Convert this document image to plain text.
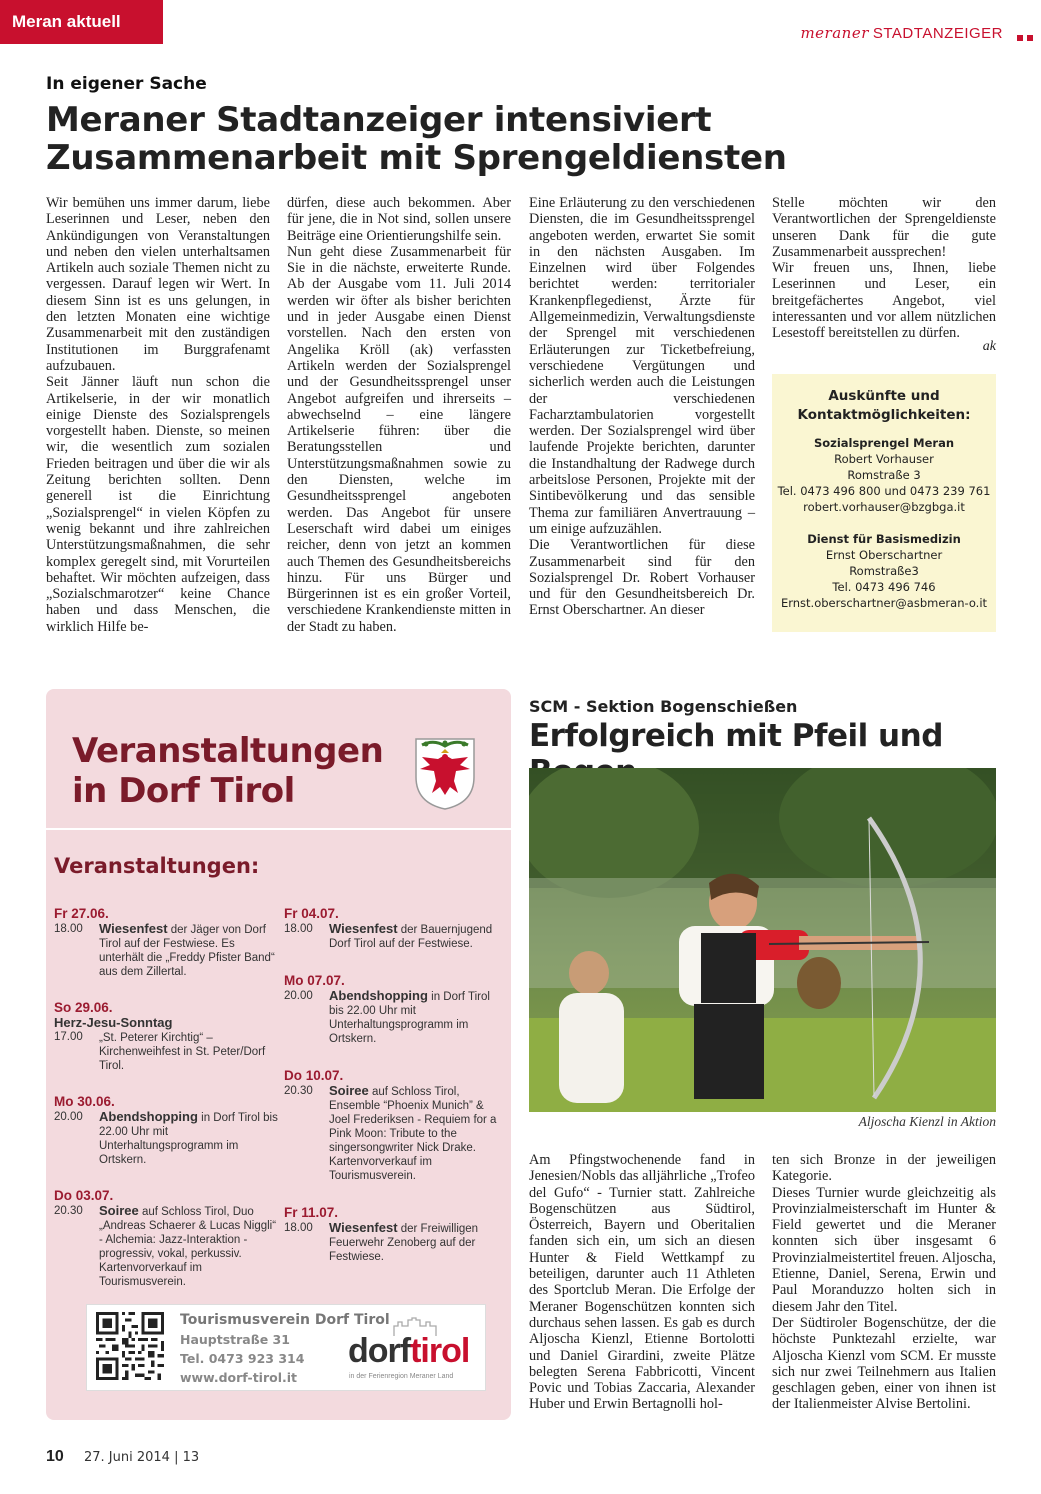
Meran aktuell
meraner STADTANZEIGER
In eigener Sache
Meraner Stadtanzeiger intensiviert Zusammenarbeit mit Sprengeldiensten

Wir bemühen uns immer darum, liebe Leserinnen und Leser, neben den Ankündigungen von Veranstaltungen und neben den vielen unterhaltsamen Artikeln auch soziale Themen nicht zu vergessen. Darauf legen wir Wert. In diesem Sinn ist es uns gelungen, in den letzten Monaten eine wichtige Zusammenarbeit mit den zuständigen Institutionen im Burggrafenamt aufzubauen.

Seit Jänner läuft nun schon die Artikelserie, in der wir monatlich einige Dienste des Sozialsprengels vorgestellt haben. Dienste, so meinen wir, die wesentlich zum sozialen Frieden beitragen und über die wir als Zeitung berichten sollten. Denn generell ist die Einrichtung „Sozialsprengel“ in vielen Köpfen zu wenig bekannt und ihre zahlreichen Unterstützungsmaßnahmen, die sehr komplex geregelt sind, mit Vorurteilen behaftet. Wir möchten aufzeigen, dass „Sozialschmarotzer“ keine Chance haben und dass Menschen, die wirklich Hilfe be-

dürfen, diese auch bekommen. Aber für jene, die in Not sind, sollen unsere Beiträge eine Orientierungshilfe sein.

Nun geht diese Zusammenarbeit für Sie in die nächste, erweiterte Runde. Ab der Ausgabe vom 11. Juli 2014 werden wir öfter als bisher berichten und in jeder Ausgabe einen Dienst vorstellen. Nach den ersten von Angelika Kröll (ak) verfassten Artikeln werden der Sozialsprengel und der Gesundheitssprengel unser Angebot aufgreifen und ihrerseits – abwechselnd – eine längere Artikelserie führen: über die Beratungsstellen und Unterstützungsmaßnahmen sowie zu den Diensten, welche im Gesundheitssprengel angeboten werden. Das Angebot für unsere Leserschaft wird dabei um einiges reicher, denn von jetzt an kommen auch Themen des Gesundheitsbereichs hinzu. Für uns Bürger und Bürgerinnen ist es ein großer Vorteil, verschiedene Krankendienste mitten in der Stadt zu haben.

Eine Erläuterung zu den verschiedenen Diensten, die im Gesundheitssprengel angeboten werden, erwartet Sie somit in den nächsten Ausgaben. Im Einzelnen wird über Folgendes berichtet werden: territorialer Krankenpflegedienst, Ärzte für Allgemeinmedizin, Verwaltungsdienste der Sprengel mit verschiedenen Erläuterungen zur Ticketbefreiung, verschiedene Vergütungen und sicherlich werden auch die Leistungen der verschiedenen Facharztambulatorien vorgestellt werden. Der Sozialsprengel wird über laufende Projekte berichten, darunter die Instandhaltung der Radwege durch arbeitslose Personen, Projekte mit der Sintibevölkerung und das sensible Thema zur familiären Anvertrauung – um einige aufzuzählen.

Die Verantwortlichen für diese Zusammenarbeit sind für den Sozialsprengel Dr. Robert Vorhauser und für den Gesundheitsbereich Dr. Ernst Oberschartner. An dieser

Stelle möchten wir den Verantwortlichen der Sprengeldienste unseren Dank für die gute Zusammenarbeit aussprechen!

Wir freuen uns, Ihnen, liebe Leserinnen und Leser, ein breitgefächertes Angebot, viel interessanten und vor allem nützlichen Lesestoff bereitstellen zu dürfen.

ak
Auskünfte und
Kontaktmöglichkeiten:
Sozialsprengel Meran
Robert Vorhauser
Romstraße 3
Tel. 0473 496 800 und 0473 239 761
robert.vorhauser@bzgbga.it
Dienst für Basismedizin
Ernst Oberschartner
Romstraße3
Tel. 0473 496 746
Ernst.oberschartner@asbmeran-o.it
Veranstaltungen
in Dorf Tirol
Veranstaltungen:
Fr 27.06.
18.00	Wiesenfest der Jäger von Dorf Tirol auf der Festwiese. Es unterhält die „Freddy Pfister Band“ aus dem Zillertal.
So 29.06.
Herz-Jesu-Sonntag
17.00	„St. Peterer Kirchtig“ – Kirchenweihfest in St. Peter/Dorf Tirol.
Mo 30.06.
20.00	Abendshopping in Dorf Tirol bis 22.00 Uhr mit Unterhaltungsprogramm im Ortskern.
Do 03.07.
20.30	Soiree auf Schloss Tirol, Duo „Andreas Schaerer & Lucas Niggli“ - Alchemia: Jazz-Interaktion - progressiv, vokal, perkussiv. Kartenvorverkauf im Tourismusverein.
Fr 04.07.
18.00	Wiesenfest der Bauernjugend Dorf Tirol auf der Festwiese.
Mo 07.07.
20.00	Abendshopping in Dorf Tirol bis 22.00 Uhr mit Unterhaltungsprogramm im Ortskern.
Do 10.07.
20.30	Soiree auf Schloss Tirol, Ensemble “Phoenix Munich” & Joel Frederiksen - Requiem for a Pink Moon: Tribute to the singersongwriter Nick Drake. Kartenvorverkauf im Tourismusverein.
Fr 11.07.
18.00	Wiesenfest der Freiwilligen Feuerwehr Zenoberg auf der Festwiese.
Tourismusverein Dorf Tirol
Hauptstraße 31
Tel. 0473 923 314
www.dorf-tirol.it
dorftirol
in der Ferienregion Meraner Land
SCM - Sektion Bogenschießen
Erfolgreich mit Pfeil und
Aljoscha Kienzl in Aktion

Am Pfingstwochenende fand in Jenesien/Nobls das alljährliche „Trofeo del Gufo“ - Turnier statt. Zahlreiche Bogenschützen aus Südtirol, Österreich, Bayern und Oberitalien fanden sich ein, um sich an diesen Hunter & Field Wettkampf zu beteiligen, darunter auch 11 Athleten des Sportclub Meran. Die Erfolge der Meraner Bogenschützen konnten sich durchaus sehen lassen. Es gab es durch Aljoscha Kienzl, Etienne Bortolotti und Daniel Girardini, zweite Plätze belegten Serena Fabbricotti, Vincent Povic und Tobias Zaccaria, Alexander Huber und Erwin Bertagnolli hol-

ten sich Bronze in der jeweiligen Kategorie.

Dieses Turnier wurde gleichzeitig als Provinzialmeisterschaft im Hunter & Field gewertet und die Meraner konnten sich über insgesamt 6 Provinzialmeistertitel freuen. Aljoscha, Etienne, Daniel, Serena, Erwin und Paul Moranduzzo holten sich in diesem Jahr den Titel.

Der Südtiroler Bogenschütze, der die höchste Punktezahl erzielte, war Aljoscha Kienzl vom SCM. Er musste sich nur zwei Teilnehmern aus Italien geschlagen geben, einer von ihnen ist der Italienmeister Alvise Bertolini.

10 27. Juni 2014 | 13
